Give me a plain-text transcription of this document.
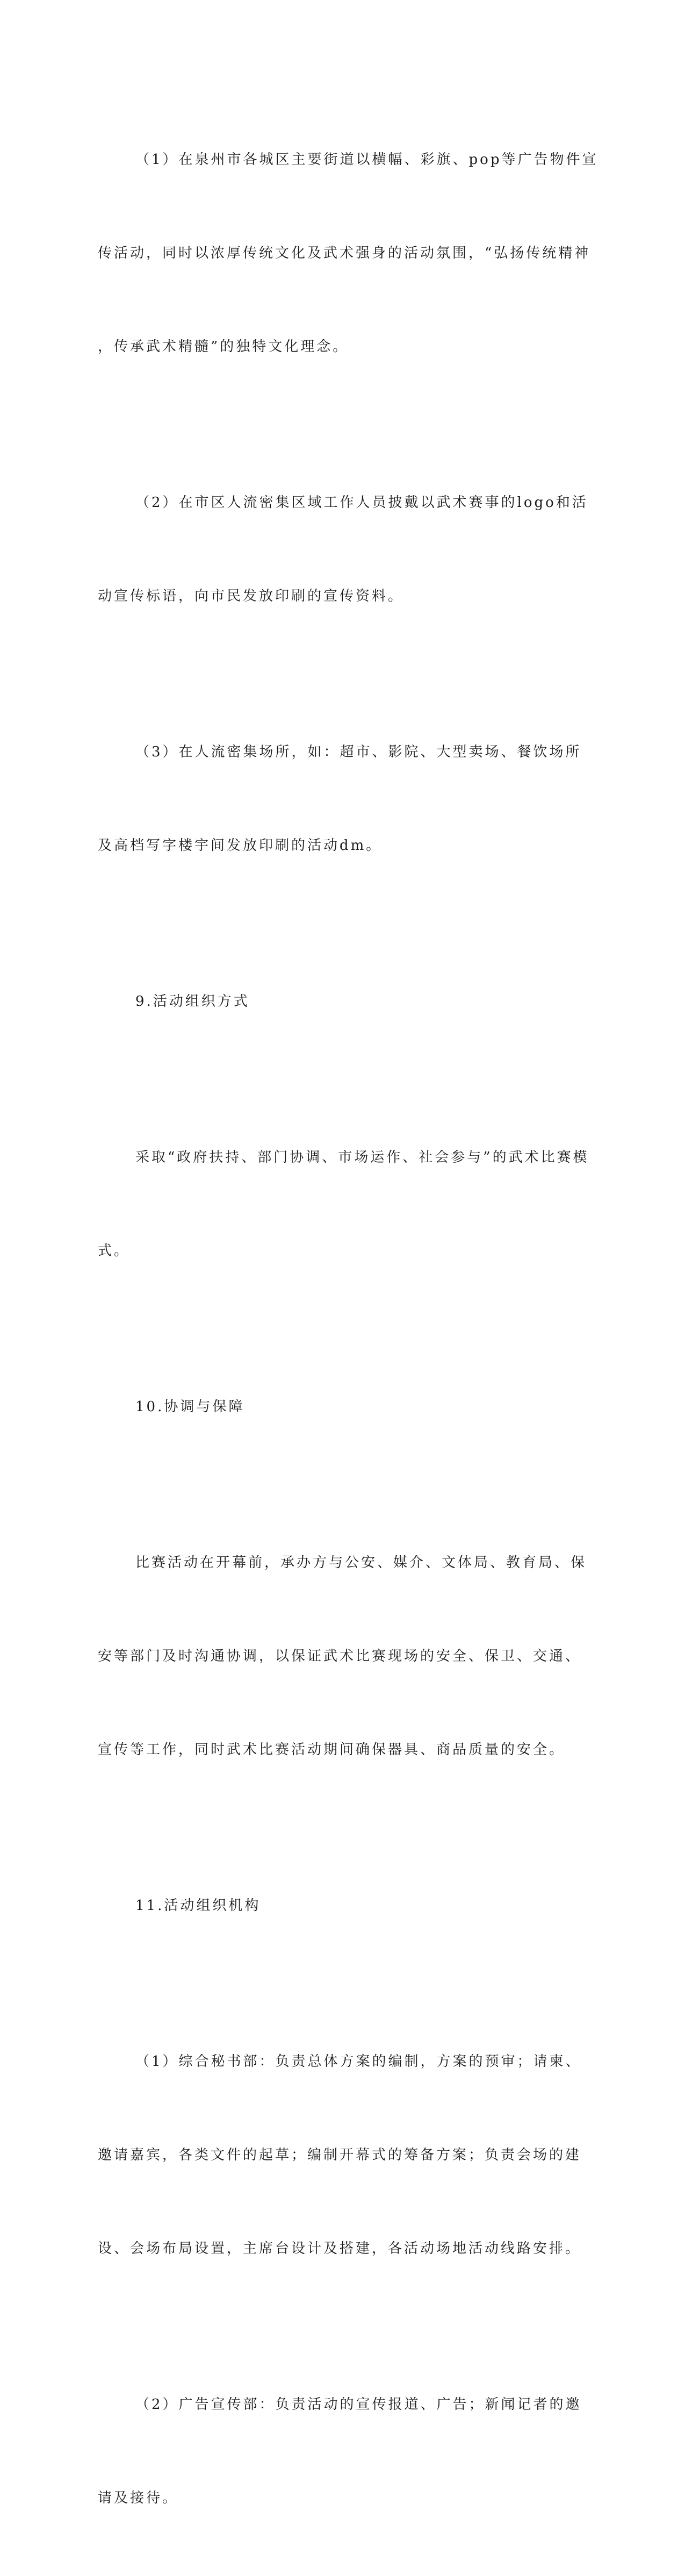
（1）在泉州市各城区主要街道以横幅、彩旗、pop等广告物件宣

传活动，同时以浓厚传统文化及武术强身的活动氛围，“弘扬传统精神

，传承武术精髓”的独特文化理念。

（2）在市区人流密集区域工作人员披戴以武术赛事的logo和活

动宣传标语，向市民发放印刷的宣传资料。

（3）在人流密集场所，如：超市、影院、大型卖场、餐饮场所

及高档写字楼宇间发放印刷的活动dm。

9.活动组织方式

采取“政府扶持、部门协调、市场运作、社会参与”的武术比赛模

式。

10.协调与保障

比赛活动在开幕前，承办方与公安、媒介、文体局、教育局、保

安等部门及时沟通协调，以保证武术比赛现场的安全、保卫、交通、

宣传等工作，同时武术比赛活动期间确保器具、商品质量的安全。

11.活动组织机构

（1）综合秘书部：负责总体方案的编制，方案的预审；请柬、

邀请嘉宾，各类文件的起草；编制开幕式的筹备方案；负责会场的建

设、会场布局设置，主席台设计及搭建，各活动场地活动线路安排。

（2）广告宣传部：负责活动的宣传报道、广告；新闻记者的邀

请及接待。
